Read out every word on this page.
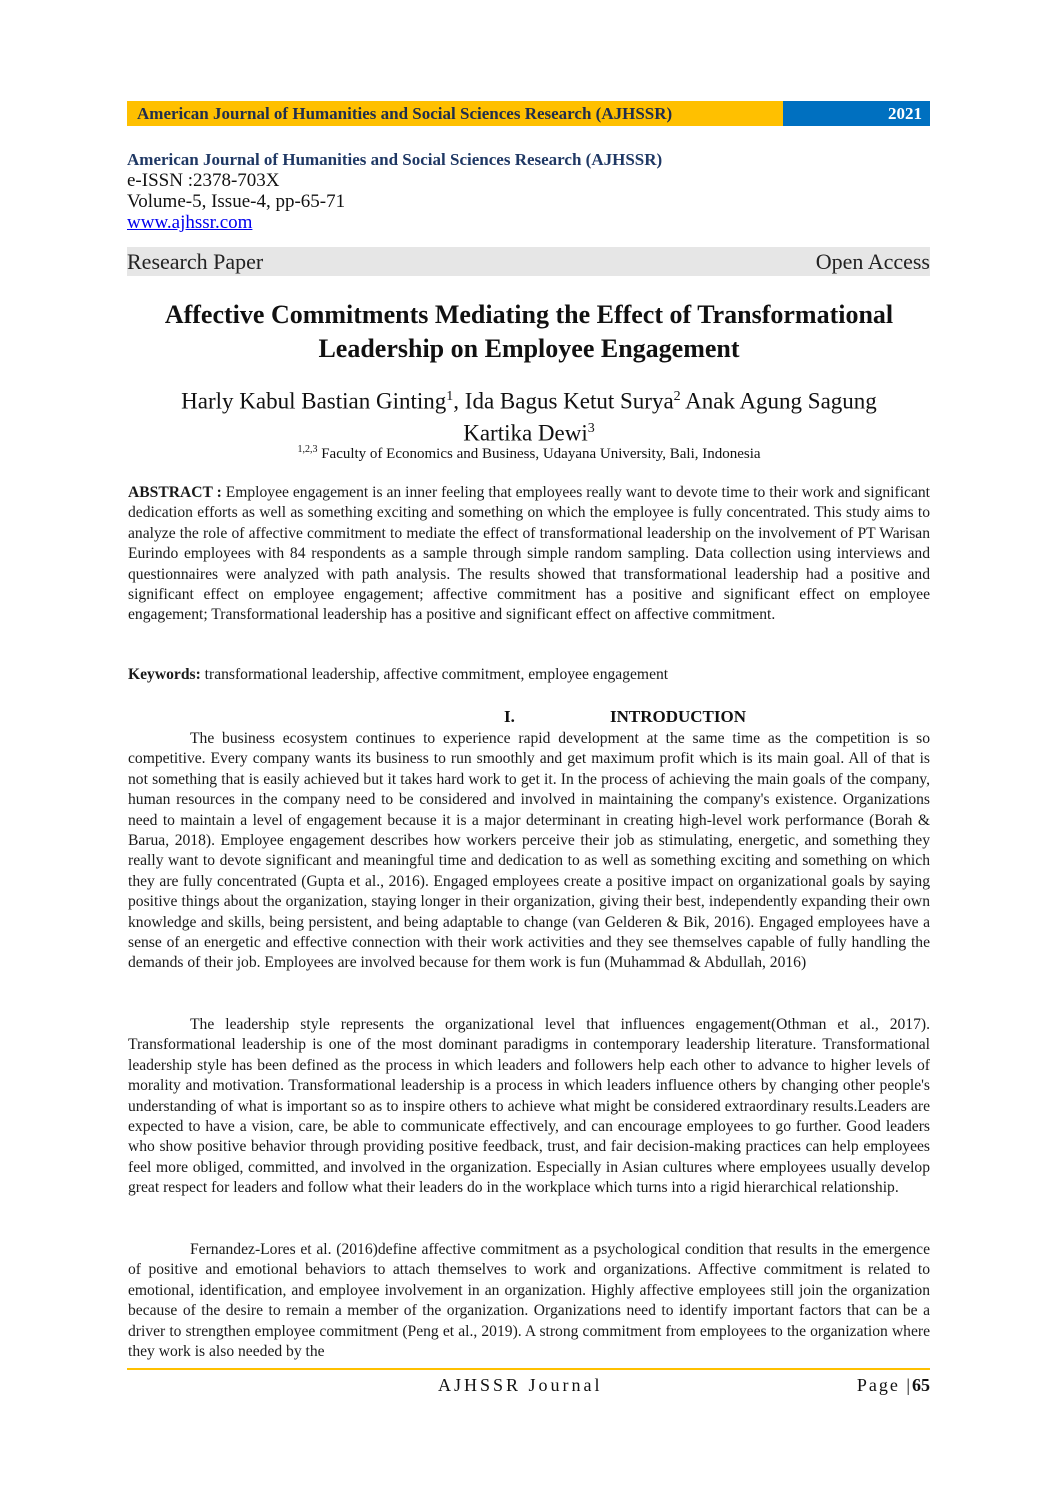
American Journal of Humanities and Social Sciences Research (AJHSSR)	2021
American Journal of Humanities and Social Sciences Research (AJHSSR)
e-ISSN :2378-703X
Volume-5, Issue-4, pp-65-71
www.ajhssr.com
Research Paper	Open Access
Affective Commitments Mediating the Effect of Transformational
Leadership on Employee Engagement
Harly Kabul Bastian Ginting$^1$, Ida Bagus Ketut Surya$^2$ Anak Agung Sagung
Kartika Dewi$^3$
$^{1,2,3}$ Faculty of Economics and Business, Udayana University, Bali, Indonesia
ABSTRACT : Employee engagement is an inner feeling that employees really want to devote time to their work and significant dedication efforts as well as something exciting and something on which the employee is fully concentrated. This study aims to analyze the role of affective commitment to mediate the effect of transformational leadership on the involvement of PT Warisan Eurindo employees with 84 respondents as a sample through simple random sampling. Data collection using interviews and questionnaires were analyzed with path analysis. The results showed that transformational leadership had a positive and significant effect on employee engagement; affective commitment has a positive and significant effect on employee engagement; Transformational leadership has a positive and significant effect on affective commitment.
Keywords: transformational leadership, affective commitment, employee engagement
I.	INTRODUCTION
The business ecosystem continues to experience rapid development at the same time as the competition is so competitive. Every company wants its business to run smoothly and get maximum profit which is its main goal. All of that is not something that is easily achieved but it takes hard work to get it. In the process of achieving the main goals of the company, human resources in the company need to be considered and involved in maintaining the company's existence. Organizations need to maintain a level of engagement because it is a major determinant in creating high-level work performance (Borah & Barua, 2018). Employee engagement describes how workers perceive their job as stimulating, energetic, and something they really want to devote significant and meaningful time and dedication to as well as something exciting and something on which they are fully concentrated (Gupta et al., 2016). Engaged employees create a positive impact on organizational goals by saying positive things about the organization, staying longer in their organization, giving their best, independently expanding their own knowledge and skills, being persistent, and being adaptable to change (van Gelderen & Bik, 2016). Engaged employees have a sense of an energetic and effective connection with their work activities and they see themselves capable of fully handling the demands of their job. Employees are involved because for them work is fun (Muhammad & Abdullah, 2016)
The leadership style represents the organizational level that influences engagement(Othman et al., 2017). Transformational leadership is one of the most dominant paradigms in contemporary leadership literature. Transformational leadership style has been defined as the process in which leaders and followers help each other to advance to higher levels of morality and motivation. Transformational leadership is a process in which leaders influence others by changing other people's understanding of what is important so as to inspire others to achieve what might be considered extraordinary results.Leaders are expected to have a vision, care, be able to communicate effectively, and can encourage employees to go further. Good leaders who show positive behavior through providing positive feedback, trust, and fair decision-making practices can help employees feel more obliged, committed, and involved in the organization. Especially in Asian cultures where employees usually develop great respect for leaders and follow what their leaders do in the workplace which turns into a rigid hierarchical relationship.
Fernandez-Lores et al. (2016)define affective commitment as a psychological condition that results in the emergence of positive and emotional behaviors to attach themselves to work and organizations. Affective commitment is related to emotional, identification, and employee involvement in an organization. Highly affective employees still join the organization because of the desire to remain a member of the organization. Organizations need to identify important factors that can be a driver to strengthen employee commitment (Peng et al., 2019). A strong commitment from employees to the organization where they work is also needed by the
AJHSSR Journal	Page |65
